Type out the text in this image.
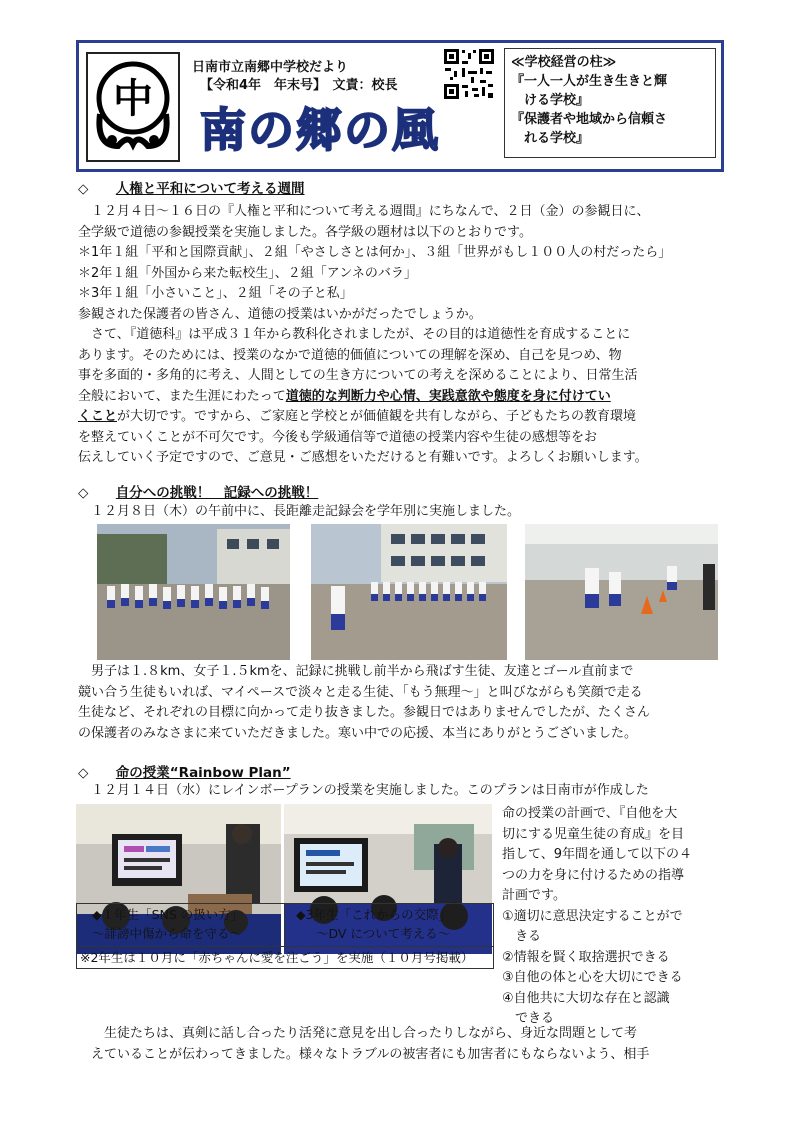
中
日南市立南郷中学校だより
【令和4年　年末号】　文責：校長
南の郷の風
≪学校経営の柱≫
『一人一人が生き生きと輝
　ける学校』
『保護者や地域から信頼さ
　れる学校』
◇ 人権と平和について考える週間
　１２月４日～１６日の『人権と平和について考える週間』にちなんで、２日（金）の参観日に、
全学級で道徳の参観授業を実施しました。各学級の題材は以下のとおりです。
＊1年１組「平和と国際貢献」、２組「やさしさとは何か」、３組「世界がもし１００人の村だったら」
＊2年１組「外国から来た転校生」、２組「アンネのバラ」
＊3年１組「小さいこと」、２組「その子と私」
参観された保護者の皆さん、道徳の授業はいかがだったでしょうか。
　さて、『道徳科』は平成３１年から教科化されましたが、その目的は道徳性を育成することに
あります。そのためには、授業のなかで道徳的価値についての理解を深め、自己を見つめ、物
事を多面的・多角的に考え、人間としての生き方についての考えを深めることにより、日常生活
全般において、また生涯にわたって道徳的な判断力や心情、実践意欲や態度を身に付けてい
くことが大切です。ですから、ご家庭と学校とが価値観を共有しながら、子どもたちの教育環境
を整えていくことが不可欠です。今後も学級通信等で道徳の授業内容や生徒の感想等をお
伝えしていく予定ですので、ご意見・ご感想をいただけると有難いです。よろしくお願いします。
◇ 自分への挑戦！　記録への挑戦！
　１２月８日（木）の午前中に、長距離走記録会を学年別に実施しました。
　男子は１.８km、女子１.５kmを、記録に挑戦し前半から飛ばす生徒、友達とゴール直前まで
競い合う生徒もいれば、マイペースで淡々と走る生徒、「もう無理～」と叫びながらも笑顔で走る
生徒など、それぞれの目標に向かって走り抜きました。参観日ではありませんでしたが、たくさん
の保護者のみなさまに来ていただきました。寒い中での応援、本当にありがとうございました。
◇ 命の授業“Rainbow Plan”
　１２月１４日（水）にレインボープランの授業を実施しました。このプランは日南市が作成した
◆１年生「SNS の扱い方」
～誹謗中傷から命を守る～
◆3年生「これからの交際」
～DV について考える～
※2年生は１０月に「赤ちゃんに愛を注ごう」を実施（１０月号掲載）
命の授業の計画で、『自他を大
切にする児童生徒の育成』を目
指して、9年間を通して以下の４
つの力を身に付けるための指導
計画です。
①適切に意思決定することがで
　きる
②情報を賢く取捨選択できる
③自他の体と心を大切にできる
④自他共に大切な存在と認識
　できる
　　生徒たちは、真剣に話し合ったり活発に意見を出し合ったりしながら、身近な問題として考
　えていることが伝わってきました。様々なトラブルの被害者にも加害者にもならないよう、相手
